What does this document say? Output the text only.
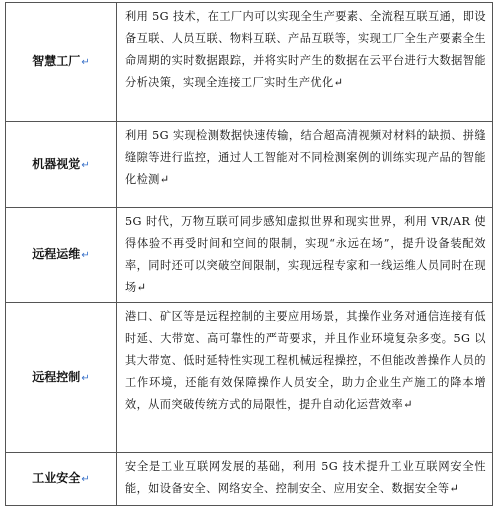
智慧工厂↵	利用 5G 技术，在工厂内可以实现全生产要素、全流程互联互通，即设备互联、人员互联、物料互联、产品互联等，实现工厂全生产要素全生命周期的实时数据跟踪，并将实时产生的数据在云平台进行大数据智能分析决策，实现全连接工厂实时生产优化↵

机器视觉↵	利用 5G 实现检测数据快速传输，结合超高清视频对材料的缺损、拼缝缝隙等进行监控，通过人工智能对不同检测案例的训练实现产品的智能化检测↵

远程运维↵	5G 时代，万物互联可同步感知虚拟世界和现实世界，利用 VR/AR 使得体验不再受时间和空间的限制，实现“永远在场”，提升设备装配效率，同时还可以突破空间限制，实现远程专家和一线运维人员同时在现场↵

远程控制↵	港口、矿区等是远程控制的主要应用场景，其操作业务对通信连接有低时延、大带宽、高可靠性的严苛要求，并且作业环境复杂多变。5G 以其大带宽、低时延特性实现工程机械远程操控，不但能改善操作人员的工作环境，还能有效保障操作人员安全，助力企业生产施工的降本增效，从而突破传统方式的局限性，提升自动化运营效率↵

工业安全↵	安全是工业互联网发展的基础，利用 5G 技术提升工业互联网安全性能，如设备安全、网络安全、控制安全、应用安全、数据安全等↵
